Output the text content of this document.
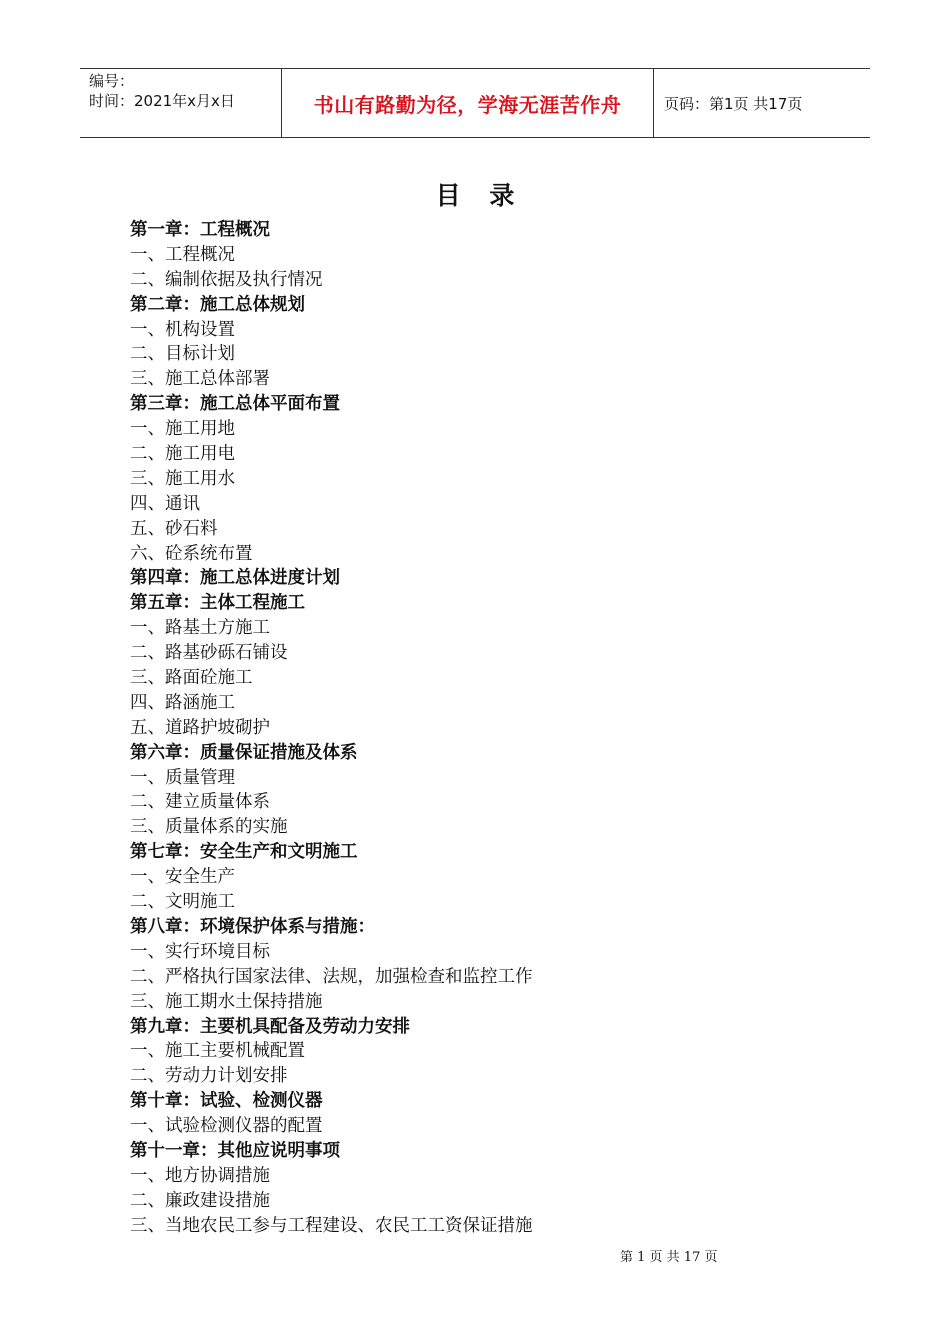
编号：
时间：2021年x月x日	书山有路勤为径，学海无涯苦作舟	页码：第1页 共17页
目 录
第一章：工程概况
一、工程概况
二、编制依据及执行情况
第二章：施工总体规划
一、机构设置
二、目标计划
三、施工总体部署
第三章：施工总体平面布置
一、施工用地
二、施工用电
三、施工用水
四、通讯
五、砂石料
六、砼系统布置
第四章：施工总体进度计划
第五章：主体工程施工
一、路基土方施工
二、路基砂砾石铺设
三、路面砼施工
四、路涵施工
五、道路护坡砌护
第六章：质量保证措施及体系
一、质量管理
二、建立质量体系
三、质量体系的实施
第七章：安全生产和文明施工
一、安全生产
二、文明施工
第八章：环境保护体系与措施：
一、实行环境目标
二、严格执行国家法律、法规，加强检查和监控工作
三、施工期水土保持措施
第九章：主要机具配备及劳动力安排
一、施工主要机械配置
二、劳动力计划安排
第十章：试验、检测仪器
一、试验检测仪器的配置
第十一章：其他应说明事项
一、地方协调措施
二、廉政建设措施
三、当地农民工参与工程建设、农民工工资保证措施
第 1 页 共 17 页
